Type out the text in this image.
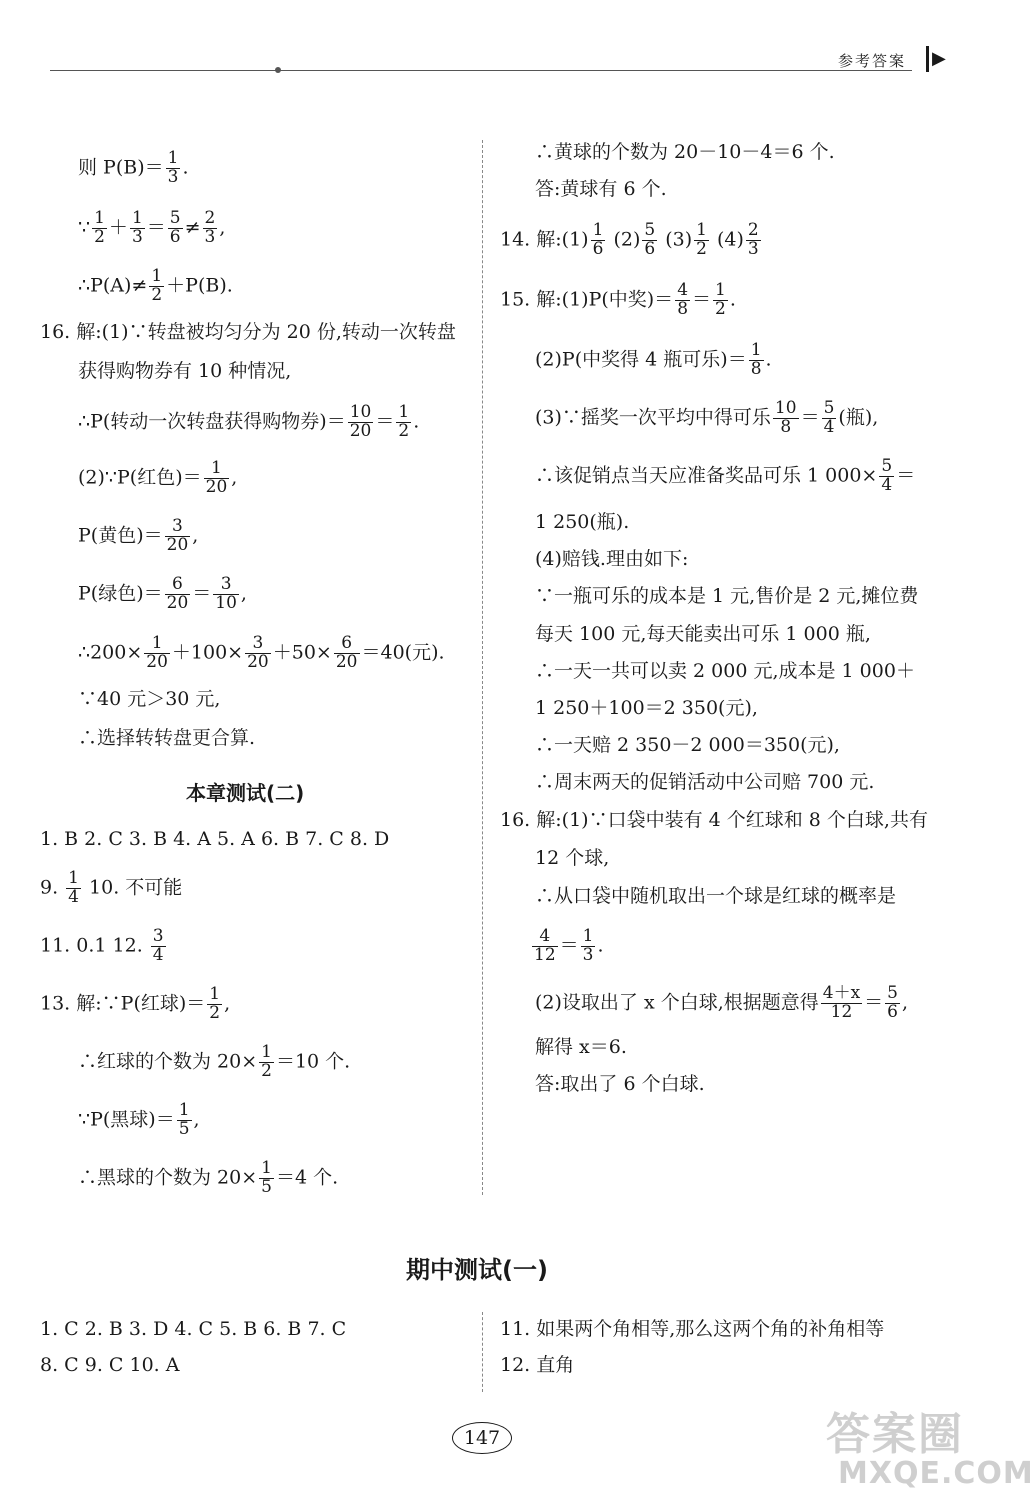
参考答案 ▶
则 $P(B)= \frac{1}{3}$ .
∵ $\frac{1}{2} + \frac{1}{3} = \frac{5}{6} \ne \frac{2}{3}$ ,
∴P(A)≠ $\frac{1}{2} +P(B)$.
16. 解:(1)∵转盘被均匀分为 20 份,转动一次转盘
获得购物券有 10 种情况,
∴P(转动一次转盘获得购物券)＝ $\frac{10}{20} = \frac{1}{2}$ .
(2)∵P(红色)＝ $\frac{1}{20}$ ,
P(黄色)＝ $\frac{3}{20}$ ,
P(绿色)＝ $\frac{6}{20} = \frac{3}{10}$ ,
∴200× $\frac{1}{20} +100\times \frac{3}{20} +50\times \frac{6}{20} =40$(元).
∵40 元＞30 元,
∴选择转转盘更合算.
本章测试(二)
1. B 2. C 3. B 4. A 5. A 6. B 7. C 8. D
9. $\frac{1}{4} 10$. 不可能
11. 0.1 12. $\frac{3}{4}$
13. 解:∵P(红球)＝ $\frac{1}{2}$ ,
∴红球的个数为 $20\times \frac{1}{2} =10$ 个.
∵P(黑球)＝ $\frac{1}{5}$ ,
∴黑球的个数为 $20\times \frac{1}{5} =4$ 个.
∴黄球的个数为 20－10－4＝6 个.
答:黄球有 6 个.
14. 解:(1) $\frac{1}{6} (2) \frac{5}{6} (3) \frac{1}{2} (4) \frac{2}{3}$
15. 解:(1)P(中奖)＝ $\frac{4}{8} = \frac{1}{2}$ .
(2)P(中奖得 4 瓶可乐)＝ $\frac{1}{8}$ .
(3)∵摇奖一次平均中得可乐 $\frac{10}{8} = \frac{5}{4}$ (瓶),
∴该促销点当天应准备奖品可乐 1 $000\times \frac{5}{4}$ ＝
1 250(瓶).
(4)赔钱.理由如下:
∵一瓶可乐的成本是 1 元,售价是 2 元,摊位费
每天 100 元,每天能卖出可乐 1 000 瓶,
∴一天一共可以卖 2 000 元,成本是 1 000＋
1 250＋100＝2 350(元),
∴一天赔 2 350－2 000＝350(元),
∴周末两天的促销活动中公司赔 700 元.
16. 解:(1)∵口袋中装有 4 个红球和 8 个白球,共有
12 个球,
∴从口袋中随机取出一个球是红球的概率是
$\frac{4}{12} = \frac{1}{3}$ .
(2)设取出了 x 个白球,根据题意得 $\frac{4+x}{12} = \frac{5}{6}$ ,
解得 x＝6.
答:取出了 6 个白球.
期中测试(一)
1. C 2. B 3. D 4. C 5. B 6. B 7. C
8. C 9. C 10. A
11. 如果两个角相等,那么这两个角的补角相等
12. 直角
147	答案圈
MXQE.COM
